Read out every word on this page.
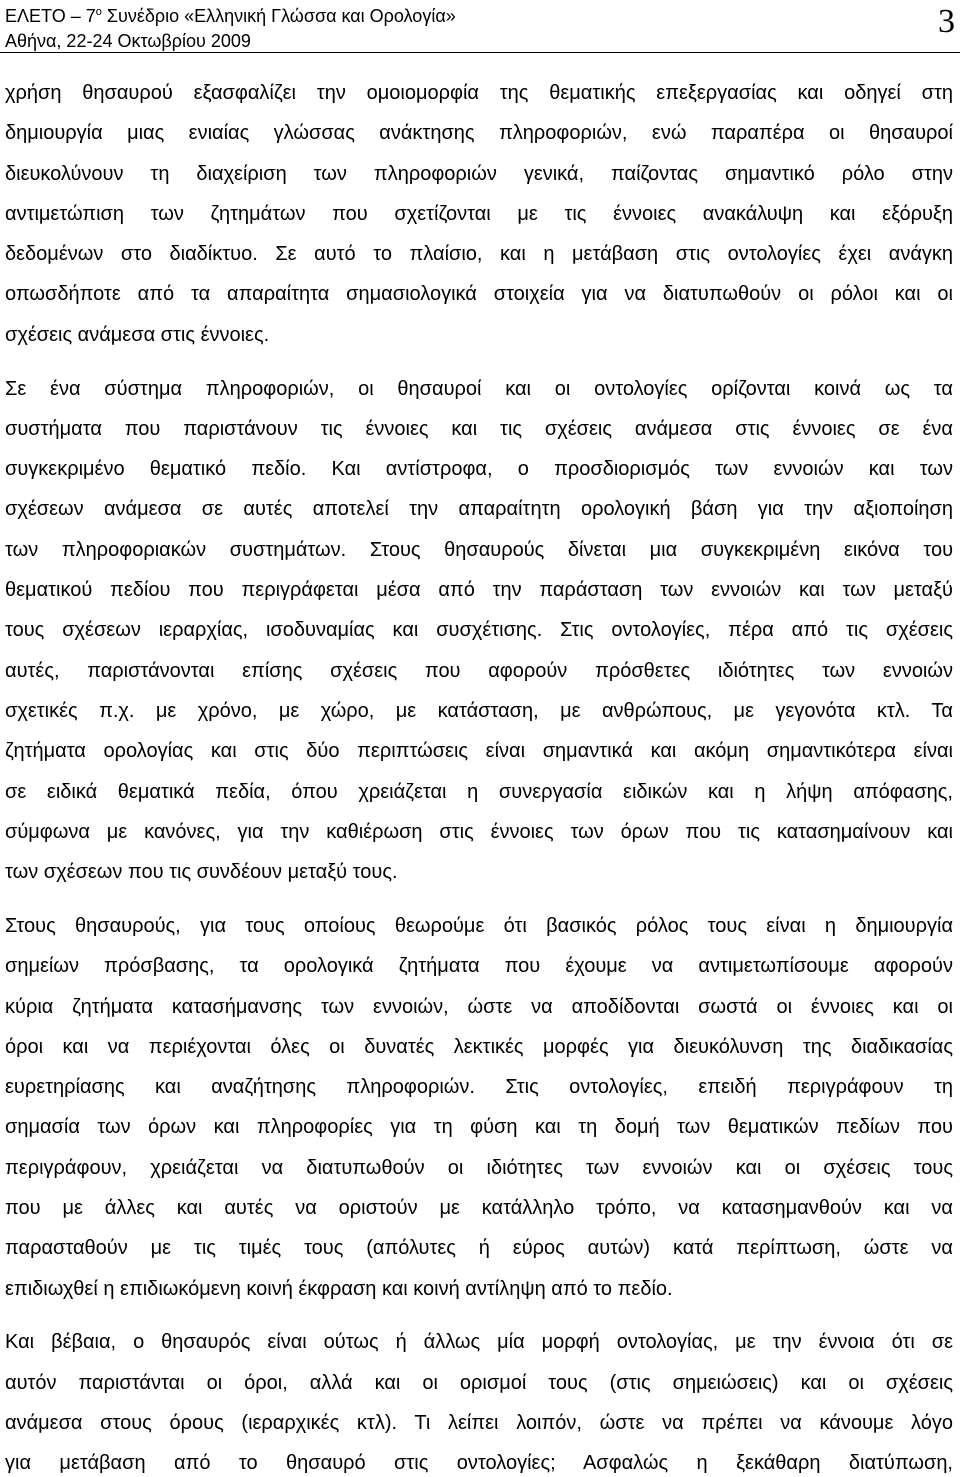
ΕΛΕΤΟ – $7^o$ Συνέδριο «Ελληνική Γλώσσα και Ορολογία»
Αθήνα, 22-24 Οκτωβρίου 2009
3
χρήση θησαυρού εξασφαλίζει την ομοιομορφία της θεματικής επεξεργασίας και οδηγεί στη
δημιουργία μιας ενιαίας γλώσσας ανάκτησης πληροφοριών, ενώ παραπέρα οι θησαυροί
διευκολύνουν τη διαχείριση των πληροφοριών γενικά, παίζοντας σημαντικό ρόλο στην
αντιμετώπιση των ζητημάτων που σχετίζονται με τις έννοιες ανακάλυψη και εξόρυξη
δεδομένων στο διαδίκτυο. Σε αυτό το πλαίσιο, και η μετάβαση στις οντολογίες έχει ανάγκη
οπωσδήποτε από τα απαραίτητα σημασιολογικά στοιχεία για να διατυπωθούν οι ρόλοι και οι
σχέσεις ανάμεσα στις έννοιες.
Σε ένα σύστημα πληροφοριών, οι θησαυροί και οι οντολογίες ορίζονται κοινά ως τα
συστήματα που παριστάνουν τις έννοιες και τις σχέσεις ανάμεσα στις έννοιες σε ένα
συγκεκριμένο θεματικό πεδίο. Και αντίστροφα, ο προσδιορισμός των εννοιών και των
σχέσεων ανάμεσα σε αυτές αποτελεί την απαραίτητη ορολογική βάση για την αξιοποίηση
των πληροφοριακών συστημάτων. Στους θησαυρούς δίνεται μια συγκεκριμένη εικόνα του
θεματικού πεδίου που περιγράφεται μέσα από την παράσταση των εννοιών και των μεταξύ
τους σχέσεων ιεραρχίας, ισοδυναμίας και συσχέτισης. Στις οντολογίες, πέρα από τις σχέσεις
αυτές, παριστάνονται επίσης σχέσεις που αφορούν πρόσθετες ιδιότητες των εννοιών
σχετικές π.χ. με χρόνο, με χώρο, με κατάσταση, με ανθρώπους, με γεγονότα κτλ. Τα
ζητήματα ορολογίας και στις δύο περιπτώσεις είναι σημαντικά και ακόμη σημαντικότερα είναι
σε ειδικά θεματικά πεδία, όπου χρειάζεται η συνεργασία ειδικών και η λήψη απόφασης,
σύμφωνα με κανόνες, για την καθιέρωση στις έννοιες των όρων που τις κατασημαίνουν και
των σχέσεων που τις συνδέουν μεταξύ τους.
Στους θησαυρούς, για τους οποίους θεωρούμε ότι βασικός ρόλος τους είναι η δημιουργία
σημείων πρόσβασης, τα ορολογικά ζητήματα που έχουμε να αντιμετωπίσουμε αφορούν
κύρια ζητήματα κατασήμανσης των εννοιών, ώστε να αποδίδονται σωστά οι έννοιες και οι
όροι και να περιέχονται όλες οι δυνατές λεκτικές μορφές για διευκόλυνση της διαδικασίας
ευρετηρίασης και αναζήτησης πληροφοριών. Στις οντολογίες, επειδή περιγράφουν τη
σημασία των όρων και πληροφορίες για τη φύση και τη δομή των θεματικών πεδίων που
περιγράφουν, χρειάζεται να διατυπωθούν οι ιδιότητες των εννοιών και οι σχέσεις τους
που με άλλες και αυτές να οριστούν με κατάλληλο τρόπο, να κατασημανθούν και να
παρασταθούν με τις τιμές τους (απόλυτες ή εύρος αυτών) κατά περίπτωση, ώστε να
επιδιωχθεί η επιδιωκόμενη κοινή έκφραση και κοινή αντίληψη από το πεδίο.
Και βέβαια, ο θησαυρός είναι ούτως ή άλλως μία μορφή οντολογίας, με την έννοια ότι σε
αυτόν παριστάνται οι όροι, αλλά και οι ορισμοί τους (στις σημειώσεις) και οι σχέσεις
ανάμεσα στους όρους (ιεραρχικές κτλ). Τι λείπει λοιπόν, ώστε να πρέπει να κάνουμε λόγο
για μετάβαση από το θησαυρό στις οντολογίες; Ασφαλώς η ξεκάθαρη διατύπωση,
